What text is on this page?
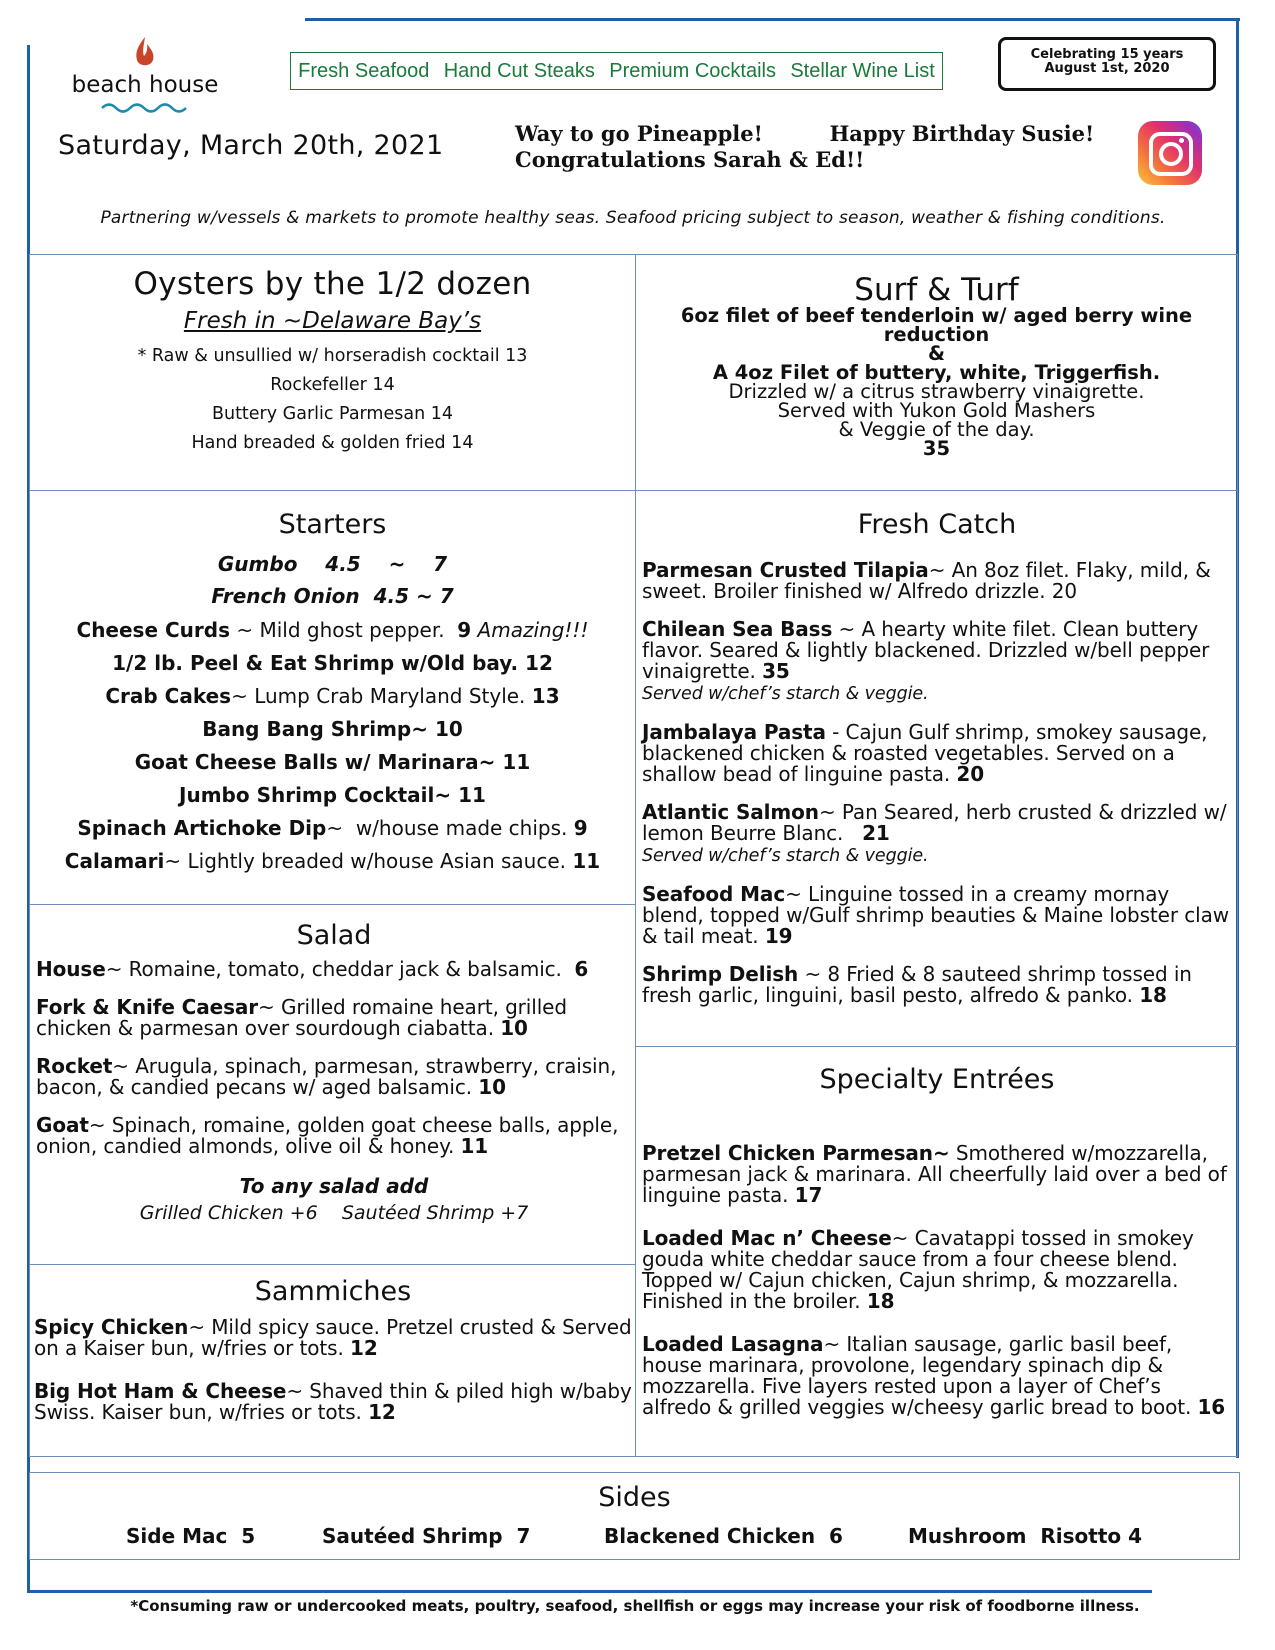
beach house
Saturday, March 20th, 2021
Fresh Seafood Hand Cut Steaks Premium Cocktails Stellar Wine List
Celebrating 15 years
August 1st, 2020
Way to go Pineapple!	Happy Birthday Susie!
Congratulations Sarah & Ed!!
Partnering w/vessels & markets to promote healthy seas. Seafood pricing subject to season, weather & fishing conditions.
Oysters by the 1/2 dozen
Fresh in ~Delaware Bay’s
* Raw & unsullied w/ horseradish cocktail 13
Rockefeller 14
Buttery Garlic Parmesan 14
Hand breaded & golden fried 14
Surf & Turf
6oz filet of beef tenderloin w/ aged berry wine reduction
&
A 4oz Filet of buttery, white, Triggerfish.
Drizzled w/ a citrus strawberry vinaigrette.
Served with Yukon Gold Mashers
& Veggie of the day.
35
Starters
Gumbo    4.5    ~    7
French Onion  4.5 ~ 7
Cheese Curds ~ Mild ghost pepper.  9 Amazing!!!
1/2 lb. Peel & Eat Shrimp w/Old bay. 12
Crab Cakes~ Lump Crab Maryland Style. 13
Bang Bang Shrimp~ 10
Goat Cheese Balls w/ Marinara~ 11
Jumbo Shrimp Cocktail~ 11
Spinach Artichoke Dip~  w/house made chips. 9
Calamari~ Lightly breaded w/house Asian sauce. 11
Salad

House~ Romaine, tomato, cheddar jack & balsamic.  6

Fork & Knife Caesar~ Grilled romaine heart, grilled chicken & parmesan over sourdough ciabatta. 10

Rocket~ Arugula, spinach, parmesan, strawberry, craisin, bacon, & candied pecans w/ aged balsamic. 10

Goat~ Spinach, romaine, golden goat cheese balls, apple, onion, candied almonds, olive oil & honey. 11

To any salad add
Grilled Chicken +6    Sautéed Shrimp +7
Sammiches

Spicy Chicken~ Mild spicy sauce. Pretzel crusted & Served on a Kaiser bun, w/fries or tots. 12

Big Hot Ham & Cheese~ Shaved thin & piled high w/baby Swiss. Kaiser bun, w/fries or tots. 12

Fresh Catch

Parmesan Crusted Tilapia~ An 8oz filet. Flaky, mild, & sweet. Broiler finished w/ Alfredo drizzle. 20

Chilean Sea Bass ~ A hearty white filet. Clean buttery flavor. Seared & lightly blackened. Drizzled w/bell pepper vinaigrette. 35
Served w/chef’s starch & veggie.

Jambalaya Pasta - Cajun Gulf shrimp, smokey sausage, blackened chicken & roasted vegetables. Served on a shallow bead of linguine pasta. 20

Atlantic Salmon~ Pan Seared, herb crusted & drizzled w/ lemon Beurre Blanc.   21
Served w/chef’s starch & veggie.

Seafood Mac~ Linguine tossed in a creamy mornay blend, topped w/Gulf shrimp beauties & Maine lobster claw & tail meat. 19

Shrimp Delish ~ 8 Fried & 8 sauteed shrimp tossed in fresh garlic, linguini, basil pesto, alfredo & panko. 18

Specialty Entrées

Pretzel Chicken Parmesan~ Smothered w/mozzarella, parmesan jack & marinara. All cheerfully laid over a bed of linguine pasta. 17

Loaded Mac n’ Cheese~ Cavatappi tossed in smokey gouda white cheddar sauce from a four cheese blend. Topped w/ Cajun chicken, Cajun shrimp, & mozzarella. Finished in the broiler. 18

Loaded Lasagna~ Italian sausage, garlic basil beef, house marinara, provolone, legendary spinach dip & mozzarella. Five layers rested upon a layer of Chef’s alfredo & grilled veggies w/cheesy garlic bread to boot. 16

Sides
Side Mac  5	Sautéed Shrimp  7	Blackened Chicken  6	Mushroom  Risotto 4
*Consuming raw or undercooked meats, poultry, seafood, shellfish or eggs may increase your risk of foodborne illness.
